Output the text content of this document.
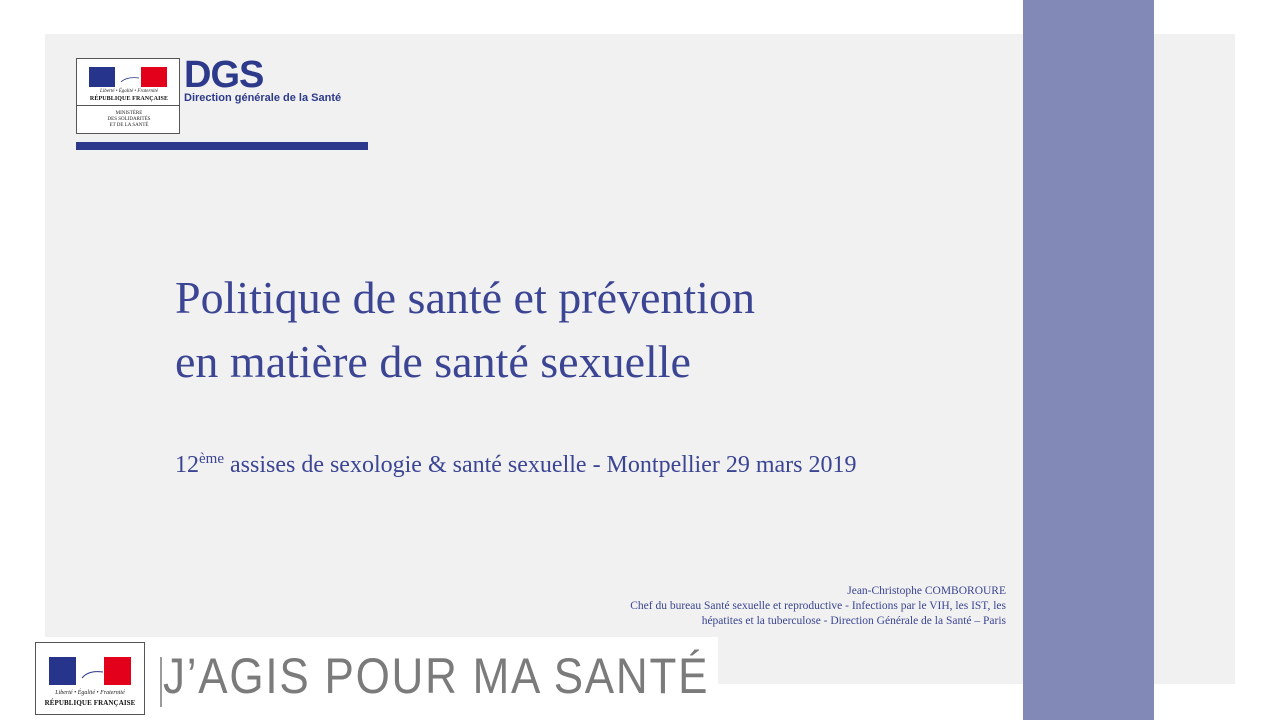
Liberté • Égalité • Fraternité
RÉPUBLIQUE FRANÇAISE
MINISTÈRE
DES SOLIDARITÉS
ET DE LA SANTÉ
DGS
Direction générale de la Santé
Politique de santé et prévention
en matière de santé sexuelle
12ème assises de sexologie & santé sexuelle - Montpellier 29 mars 2019
Jean-Christophe COMBOROURE
Chef du bureau Santé sexuelle et reproductive - Infections par le VIH, les IST, les
hépatites et la tuberculose - Direction Générale de la Santé – Paris
Liberté • Égalité • Fraternité
RÉPUBLIQUE FRANÇAISE J’AGIS POUR MA SANTÉ
